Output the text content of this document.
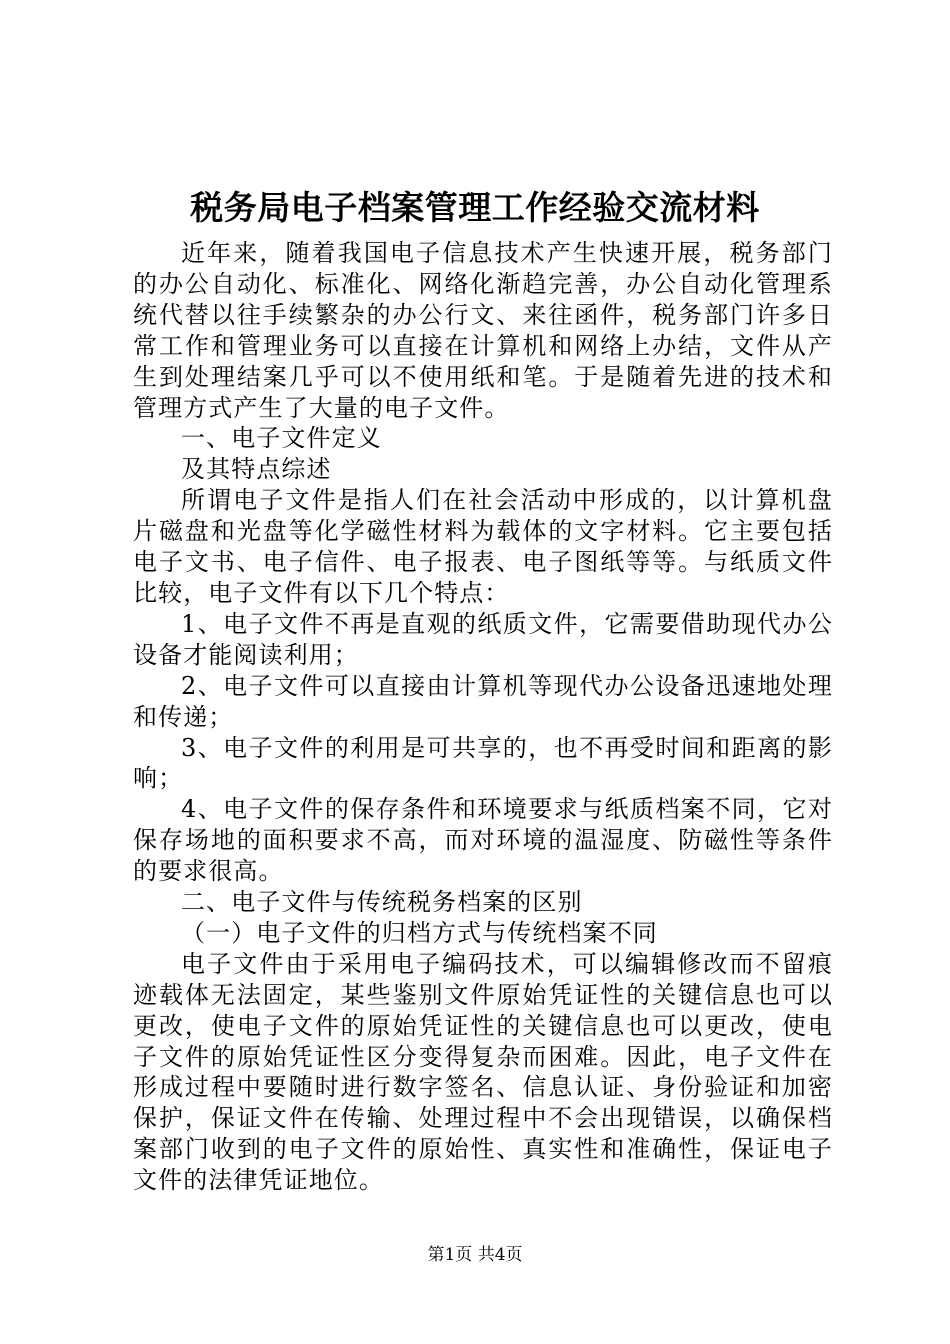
税务局电子档案管理工作经验交流材料

近年来，随着我国电子信息技术产生快速开展，税务部门的办公自动化、标准化、网络化渐趋完善，办公自动化管理系统代替以往手续繁杂的办公行文、来往函件，税务部门许多日常工作和管理业务可以直接在计算机和网络上办结，文件从产生到处理结案几乎可以不使用纸和笔。于是随着先进的技术和管理方式产生了大量的电子文件。

一、电子文件定义

及其特点综述

所谓电子文件是指人们在社会活动中形成的，以计算机盘片磁盘和光盘等化学磁性材料为载体的文字材料。它主要包括电子文书、电子信件、电子报表、电子图纸等等。与纸质文件比较，电子文件有以下几个特点：

1、电子文件不再是直观的纸质文件，它需要借助现代办公设备才能阅读利用；

2、电子文件可以直接由计算机等现代办公设备迅速地处理和传递；

3、电子文件的利用是可共享的，也不再受时间和距离的影响；

4、电子文件的保存条件和环境要求与纸质档案不同，它对保存场地的面积要求不高，而对环境的温湿度、防磁性等条件的要求很高。

二、电子文件与传统税务档案的区别

（一）电子文件的归档方式与传统档案不同

电子文件由于采用电子编码技术，可以编辑修改而不留痕迹载体无法固定，某些鉴别文件原始凭证性的关键信息也可以更改，使电子文件的原始凭证性的关键信息也可以更改，使电子文件的原始凭证性区分变得复杂而困难。因此，电子文件在形成过程中要随时进行数字签名、信息认证、身份验证和加密保护，保证文件在传输、处理过程中不会出现错误，以确保档案部门收到的电子文件的原始性、真实性和准确性，保证电子文件的法律凭证地位。

第1页 共4页
